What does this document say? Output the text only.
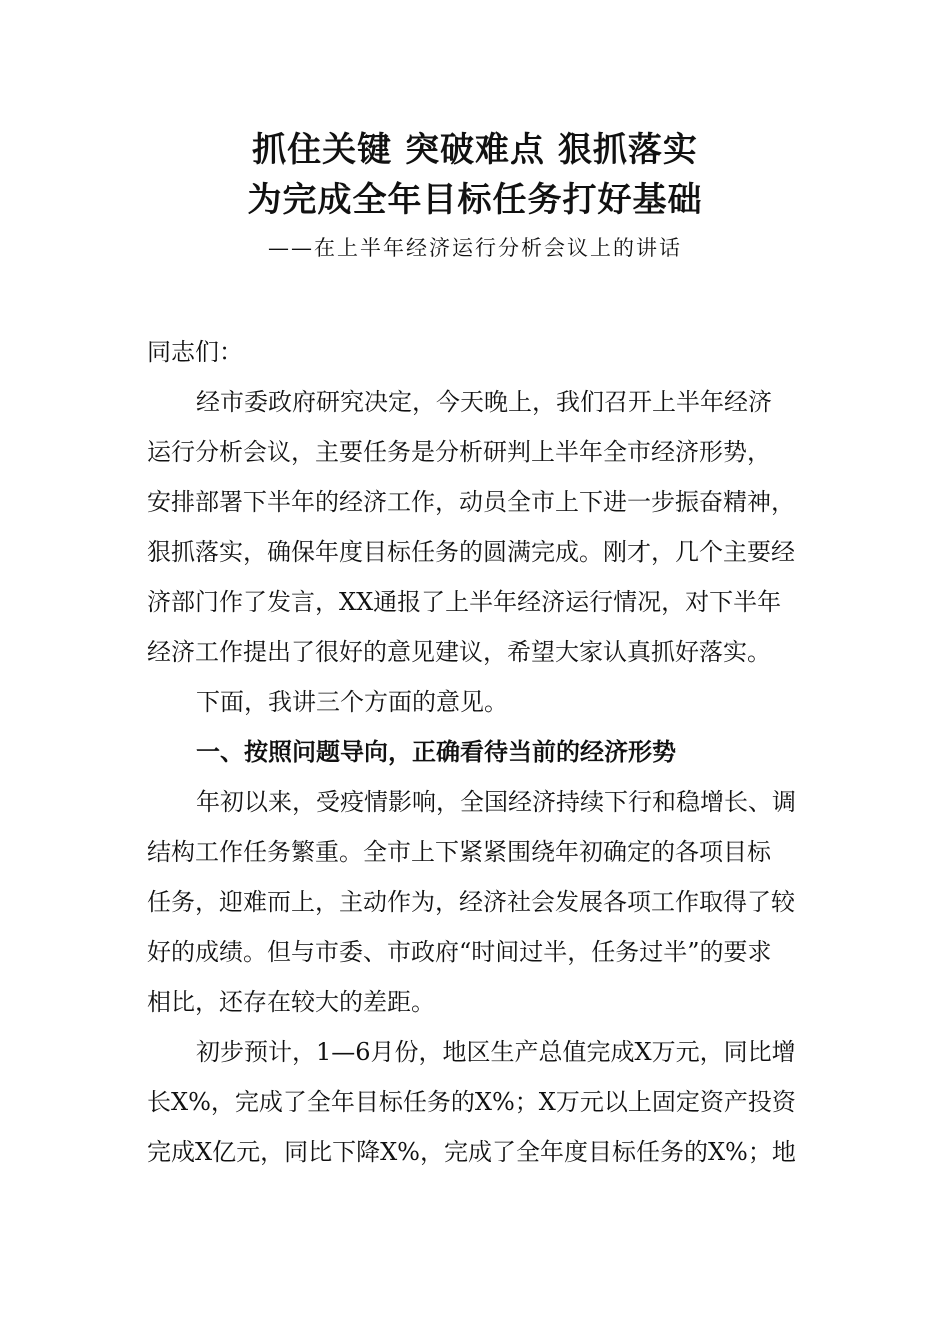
抓住关键 突破难点 狠抓落实
为完成全年目标任务打好基础
——在上半年经济运行分析会议上的讲话
同志们：
经市委政府研究决定，今天晚上，我们召开上半年经济
运行分析会议，主要任务是分析研判上半年全市经济形势，
安排部署下半年的经济工作，动员全市上下进一步振奋精神，
狠抓落实，确保年度目标任务的圆满完成。刚才，几个主要经
济部门作了发言，XX通报了上半年经济运行情况，对下半年
经济工作提出了很好的意见建议，希望大家认真抓好落实。
下面，我讲三个方面的意见。
一、按照问题导向，正确看待当前的经济形势
年初以来，受疫情影响，全国经济持续下行和稳增长、调
结构工作任务繁重。全市上下紧紧围绕年初确定的各项目标
任务，迎难而上，主动作为，经济社会发展各项工作取得了较
好的成绩。但与市委、市政府“时间过半，任务过半”的要求
相比，还存在较大的差距。
初步预计，1—6月份，地区生产总值完成X万元，同比增
长X%，完成了全年目标任务的X%；X万元以上固定资产投资
完成X亿元，同比下降X%，完成了全年度目标任务的X%；地
